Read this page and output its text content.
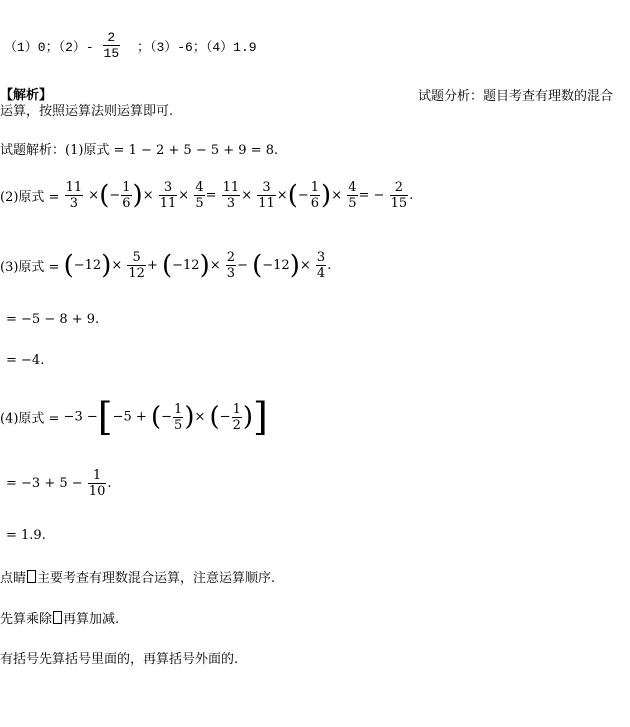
（1）0；$(2)- \frac{2}{15}$ ；（3）-6；（4）1.9
【解析】	试题分析：题目考查有理数的混合
运算，按照运算法则运算即可.
试题解析：(1)原式 = 1 − 2 + 5 − 5 + 9 = 8.
(2)原式 = $\frac{11}{3}$ ×(− $\frac{1}{6}$ )× $\frac{3}{11} \times \frac{4}{5} = \frac{11}{3} \times \frac{3}{11}$ ×(− $\frac{1}{6}$ )× $\frac{4}{5}$ = − $\frac{2}{15}$ .
(3)原式 = $(-12)\times \frac{5}{12} + (-12)\times \frac{2}{3} - (-12)\times \frac{3}{4}$ .
= −5 − 8 + 9.
= −4.
(4)原式 = −3 −[−5 + (− $\frac{1}{5}$ )× (− $\frac{1}{2}$ )]
= $-3 + 5 - \frac{1}{10}$ .
= 1.9.
点睛 主要考查有理数混合运算，注意运算顺序.
先算乘除 再算加减.
有括号先算括号里面的，再算括号外面的.
